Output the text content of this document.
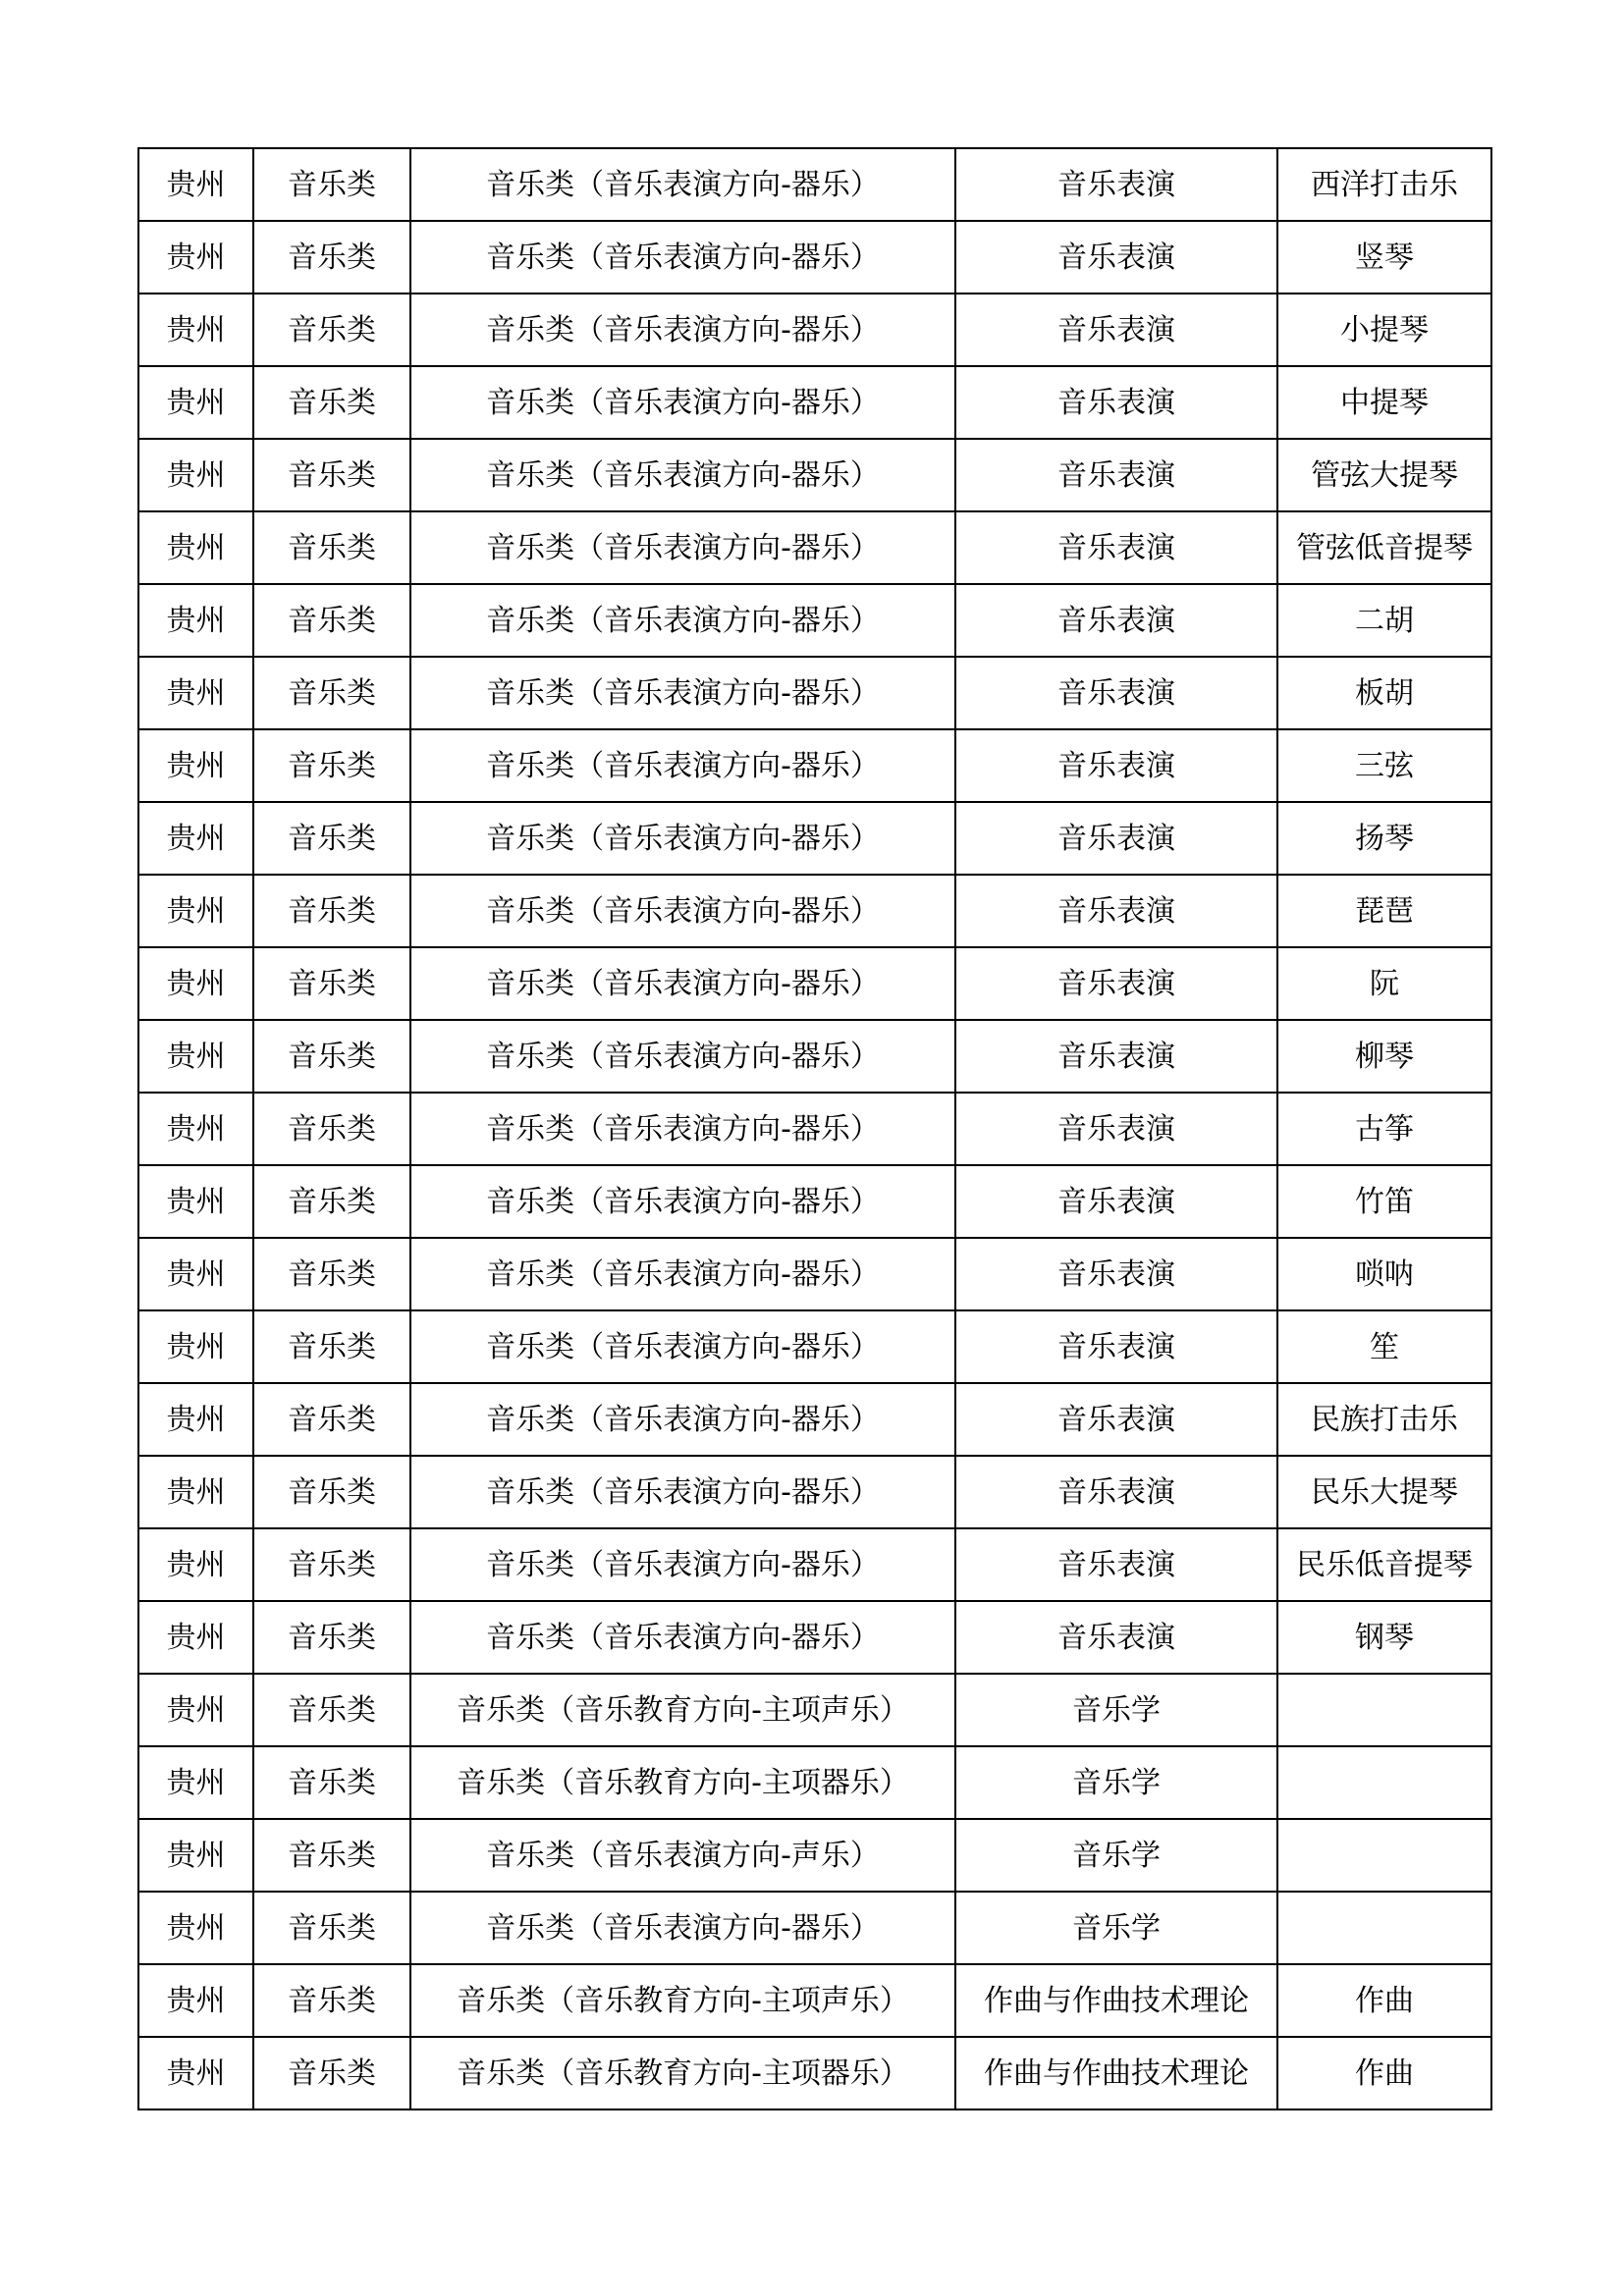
贵州	音乐类	音乐类（音乐表演方向-器乐）	音乐表演	西洋打击乐
贵州	音乐类	音乐类（音乐表演方向-器乐）	音乐表演	竖琴
贵州	音乐类	音乐类（音乐表演方向-器乐）	音乐表演	小提琴
贵州	音乐类	音乐类（音乐表演方向-器乐）	音乐表演	中提琴
贵州	音乐类	音乐类（音乐表演方向-器乐）	音乐表演	管弦大提琴
贵州	音乐类	音乐类（音乐表演方向-器乐）	音乐表演	管弦低音提琴
贵州	音乐类	音乐类（音乐表演方向-器乐）	音乐表演	二胡
贵州	音乐类	音乐类（音乐表演方向-器乐）	音乐表演	板胡
贵州	音乐类	音乐类（音乐表演方向-器乐）	音乐表演	三弦
贵州	音乐类	音乐类（音乐表演方向-器乐）	音乐表演	扬琴
贵州	音乐类	音乐类（音乐表演方向-器乐）	音乐表演	琵琶
贵州	音乐类	音乐类（音乐表演方向-器乐）	音乐表演	阮
贵州	音乐类	音乐类（音乐表演方向-器乐）	音乐表演	柳琴
贵州	音乐类	音乐类（音乐表演方向-器乐）	音乐表演	古筝
贵州	音乐类	音乐类（音乐表演方向-器乐）	音乐表演	竹笛
贵州	音乐类	音乐类（音乐表演方向-器乐）	音乐表演	唢呐
贵州	音乐类	音乐类（音乐表演方向-器乐）	音乐表演	笙
贵州	音乐类	音乐类（音乐表演方向-器乐）	音乐表演	民族打击乐
贵州	音乐类	音乐类（音乐表演方向-器乐）	音乐表演	民乐大提琴
贵州	音乐类	音乐类（音乐表演方向-器乐）	音乐表演	民乐低音提琴
贵州	音乐类	音乐类（音乐表演方向-器乐）	音乐表演	钢琴
贵州	音乐类	音乐类（音乐教育方向-主项声乐）	音乐学	
贵州	音乐类	音乐类（音乐教育方向-主项器乐）	音乐学	
贵州	音乐类	音乐类（音乐表演方向-声乐）	音乐学	
贵州	音乐类	音乐类（音乐表演方向-器乐）	音乐学	
贵州	音乐类	音乐类（音乐教育方向-主项声乐）	作曲与作曲技术理论	作曲
贵州	音乐类	音乐类（音乐教育方向-主项器乐）	作曲与作曲技术理论	作曲
